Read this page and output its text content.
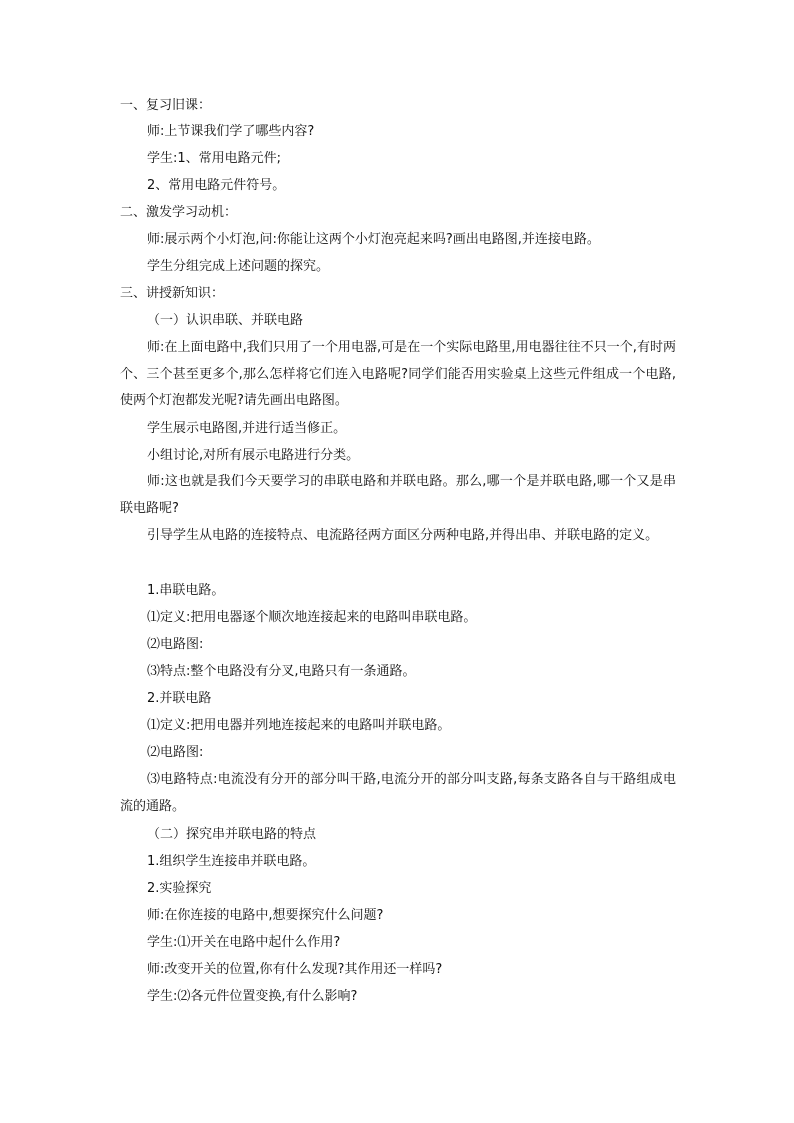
一、复习旧课：
师:上节课我们学了哪些内容?
学生:1、常用电路元件;
2、常用电路元件符号。
二、激发学习动机：
师:展示两个小灯泡,问:你能让这两个小灯泡亮起来吗?画出电路图,并连接电路。
学生分组完成上述问题的探究。
三、讲授新知识：
（一）认识串联、并联电路
师:在上面电路中,我们只用了一个用电器,可是在一个实际电路里,用电器往往不只一个,有时两个、三个甚至更多个,那么怎样将它们连入电路呢?同学们能否用实验桌上这些元件组成一个电路,使两个灯泡都发光呢?请先画出电路图。
学生展示电路图,并进行适当修正。
小组讨论,对所有展示电路进行分类。
师:这也就是我们今天要学习的串联电路和并联电路。那么,哪一个是并联电路,哪一个又是串联电路呢?
引导学生从电路的连接特点、电流路径两方面区分两种电路,并得出串、并联电路的定义。
1.串联电路。
⑴定义:把用电器逐个顺次地连接起来的电路叫串联电路。
⑵电路图:
⑶特点:整个电路没有分叉,电路只有一条通路。
2.并联电路
⑴定义:把用电器并列地连接起来的电路叫并联电路。
⑵电路图:
⑶电路特点:电流没有分开的部分叫干路,电流分开的部分叫支路,每条支路各自与干路组成电流的通路。
（二）探究串并联电路的特点
1.组织学生连接串并联电路。
2.实验探究
师:在你连接的电路中,想要探究什么问题?
学生:⑴开关在电路中起什么作用?
师:改变开关的位置,你有什么发现?其作用还一样吗?
学生:⑵各元件位置变换,有什么影响?
